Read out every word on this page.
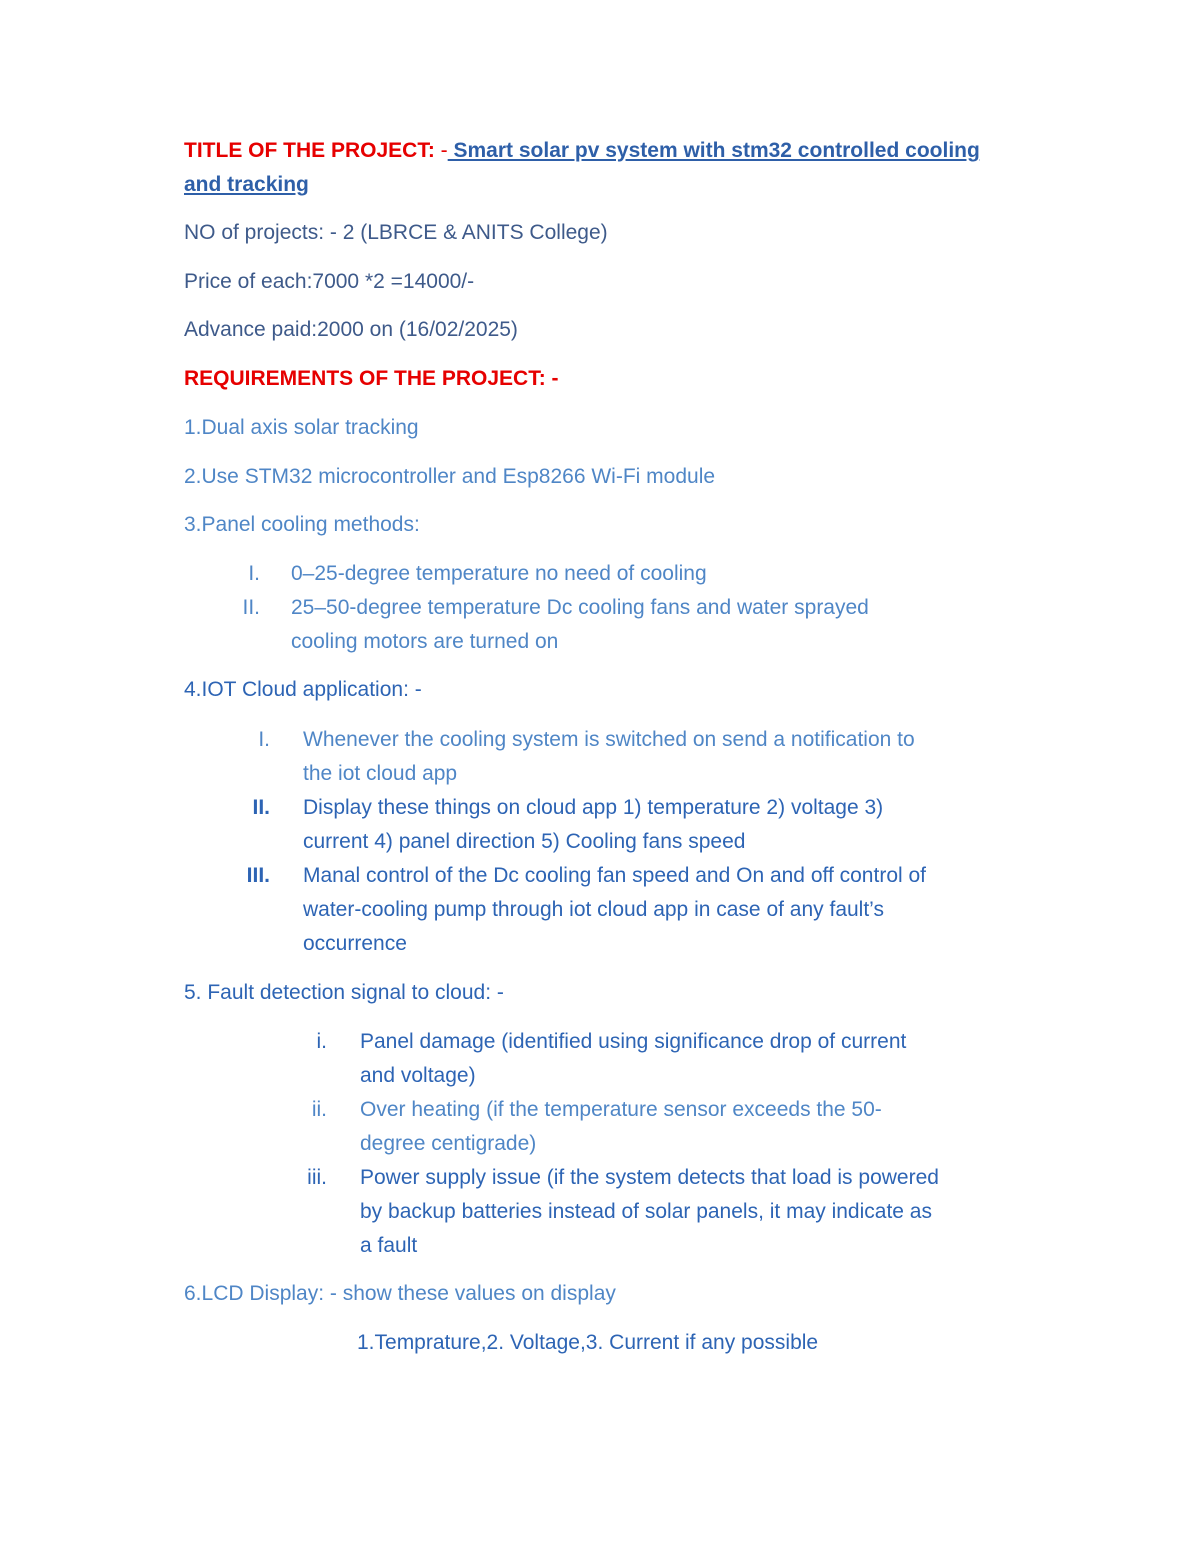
TITLE OF THE PROJECT: - Smart solar pv system with stm32 controlled cooling
and tracking
NO of projects: - 2 (LBRCE & ANITS College)
Price of each:7000 *2 =14000/-
Advance paid:2000 on (16/02/2025)
REQUIREMENTS OF THE PROJECT: -
1.Dual axis solar tracking
2.Use STM32 microcontroller and Esp8266 Wi-Fi module
3.Panel cooling methods:
I. 0–25-degree temperature no need of cooling
II. 25–50-degree temperature Dc cooling fans and water sprayed
cooling motors are turned on
4.IOT Cloud application: -
I. Whenever the cooling system is switched on send a notification to
the iot cloud app
II. Display these things on cloud app 1) temperature 2) voltage 3)
current 4) panel direction 5) Cooling fans speed
III. Manal control of the Dc cooling fan speed and On and off control of
water-cooling pump through iot cloud app in case of any fault’s
occurrence
5. Fault detection signal to cloud: -
i. Panel damage (identified using significance drop of current
and voltage)
ii. Over heating (if the temperature sensor exceeds the 50-
degree centigrade)
iii. Power supply issue (if the system detects that load is powered
by backup batteries instead of solar panels, it may indicate as
a fault
6.LCD Display: - show these values on display
1.Temprature,2. Voltage,3. Current if any possible
